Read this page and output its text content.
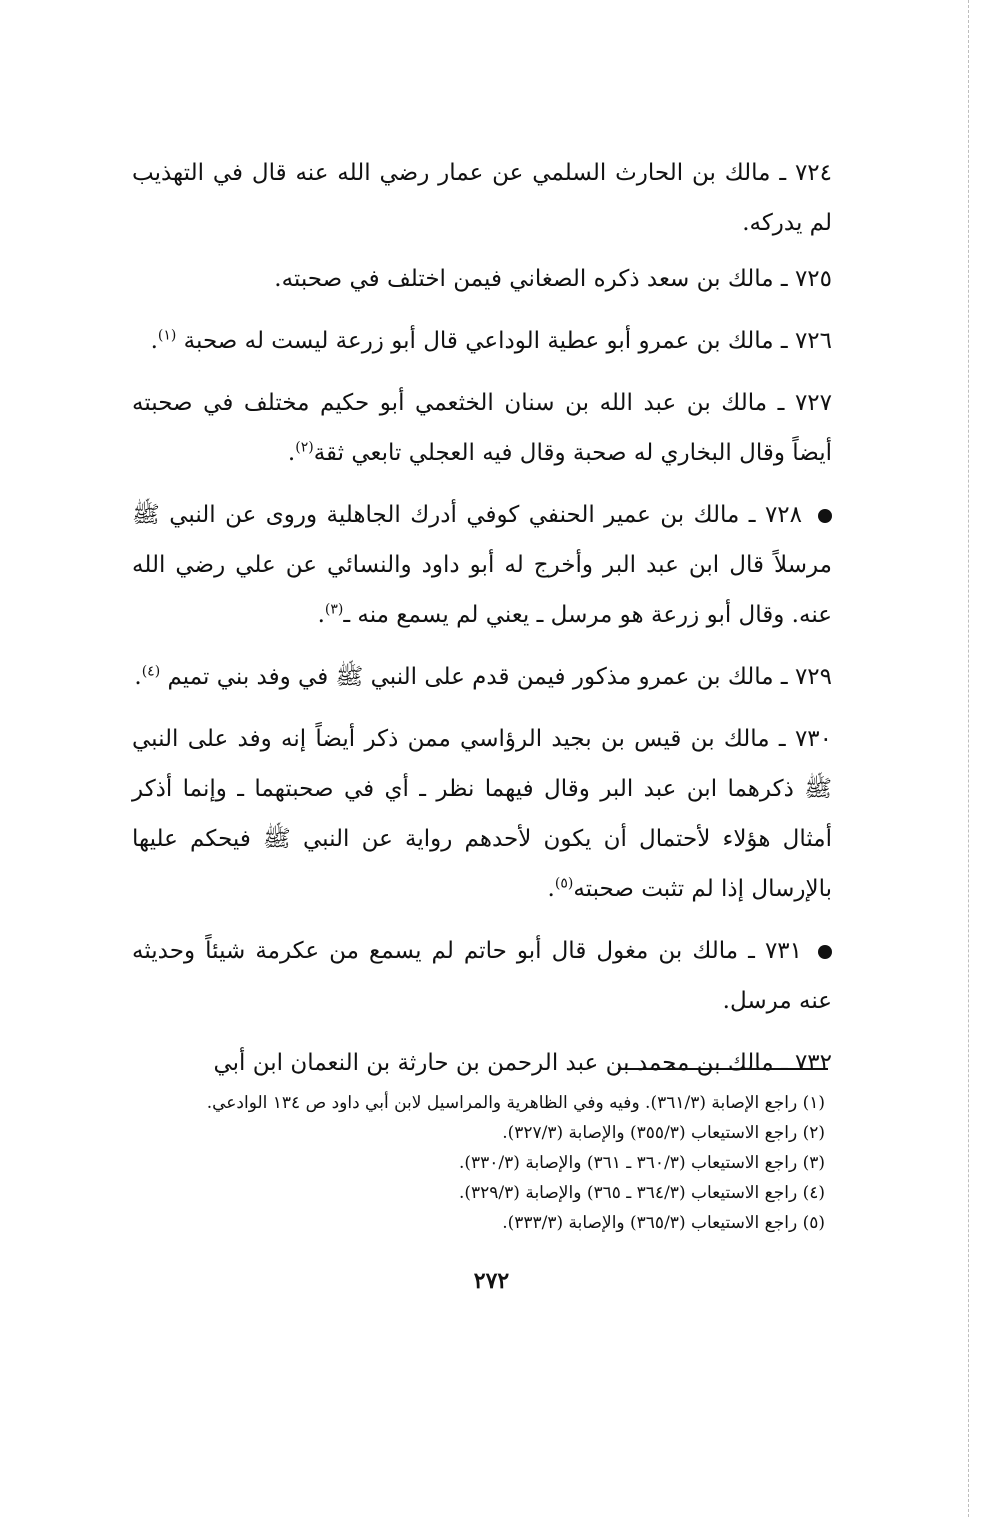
٧٢٤ ـ مالك بن الحارث السلمي عن عمار رضي الله عنه قال في التهذيب لم يدركه.

٧٢٥ ـ مالك بن سعد ذكره الصغاني فيمن اختلف في صحبته.

٧٢٦ ـ مالك بن عمرو أبو عطية الوداعي قال أبو زرعة ليست له صحبة $^{(١)}$.

٧٢٧ ـ مالك بن عبد الله بن سنان الخثعمي أبو حكيم مختلف في صحبته أيضاً وقال البخاري له صحبة وقال فيه العجلي تابعي ثقة$^{(٢)}$.

٧٢٨ ـ مالك بن عمير الحنفي كوفي أدرك الجاهلية وروى عن النبي ﷺ مرسلاً قال ابن عبد البر وأخرج له أبو داود والنسائي عن علي رضي الله عنه. وقال أبو زرعة هو مرسل ـ يعني لم يسمع منه ـ$^{(٣)}$.

٧٢٩ ـ مالك بن عمرو مذكور فيمن قدم على النبي ﷺ في وفد بني تميم $^{(٤)}$.

٧٣٠ ـ مالك بن قيس بن بجيد الرؤاسي ممن ذكر أيضاً إنه وفد على النبي ﷺ ذكرهما ابن عبد البر وقال فيهما نظر ـ أي في صحبتهما ـ وإنما أذكر أمثال هؤلاء لأحتمال أن يكون لأحدهم رواية عن النبي ﷺ فيحكم عليها بالإرسال إذا لم تثبت صحبته$^{(٥)}$.

٧٣١ ـ مالك بن مغول قال أبو حاتم لم يسمع من عكرمة شيئاً وحديثه عنه مرسل.

٧٣٢ ـ مالك بن محمد بن عبد الرحمن بن حارثة بن النعمان ابن أبي

(١) راجع الإصابة (٣٦١/٣). وفيه وفي الظاهرية والمراسيل لابن أبي داود ص ١٣٤ الوادعي.
(٢) راجع الاستيعاب (٣٥٥/٣) والإصابة (٣٢٧/٣).
(٣) راجع الاستيعاب (٣٦٠/٣ ـ ٣٦١) والإصابة (٣٣٠/٣).
(٤) راجع الاستيعاب (٣٦٤/٣ ـ ٣٦٥) والإصابة (٣٢٩/٣).
(٥) راجع الاستيعاب (٣٦٥/٣) والإصابة (٣٣٣/٣).
٢٧٢
